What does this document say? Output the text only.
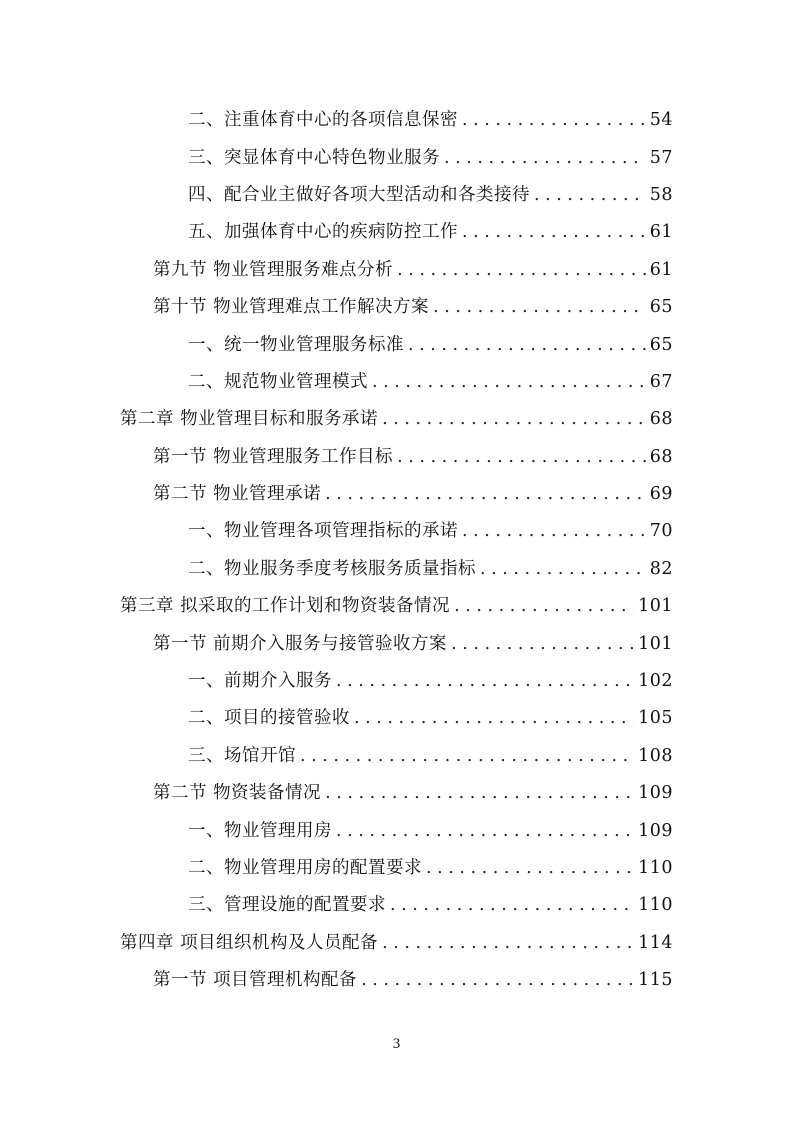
二、注重体育中心的各项信息保密 . . .	54
三、突显体育中心特色物业服务 . . .	57
四、配合业主做好各项大型活动和各类接待 . . .	58
五、加强体育中心的疾病防控工作 . . .	61
第九节 物业管理服务难点分析 . . .	61
第十节 物业管理难点工作解决方案 . . .	65
一、统一物业管理服务标准 . . .	65
二、规范物业管理模式 . . .	67
第二章 物业管理目标和服务承诺 . . .	68
第一节 物业管理服务工作目标 . . .	68
第二节 物业管理承诺 . . .	69
一、物业管理各项管理指标的承诺 . . .	70
二、物业服务季度考核服务质量指标 . . .	82
第三章 拟采取的工作计划和物资装备情况 . . .	101
第一节 前期介入服务与接管验收方案 . . .	101
一、前期介入服务 . . .	102
二、项目的接管验收 . . .	105
三、场馆开馆 . . .	108
第二节 物资装备情况 . . .	109
一、物业管理用房 . . .	109
二、物业管理用房的配置要求 . . .	110
三、管理设施的配置要求 . . .	110
第四章 项目组织机构及人员配备 . . .	114
第一节 项目管理机构配备 . . .	115
3
